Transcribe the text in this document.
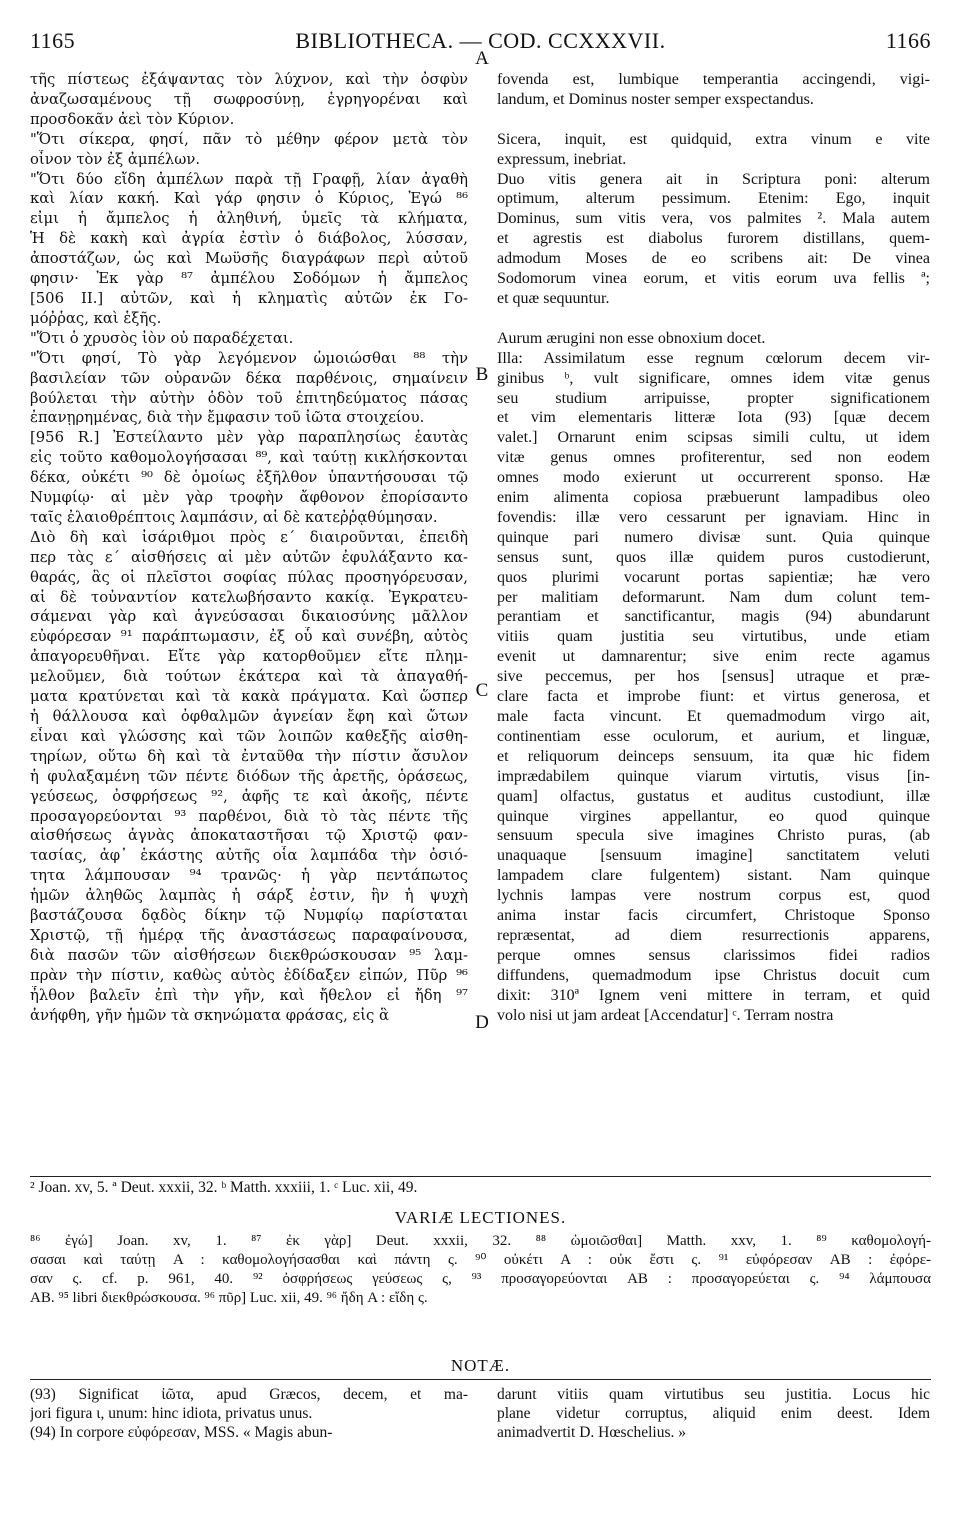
1165	BIBLIOTHECA. — COD. CCXXXVII.	1166
τῆς πίστεως ἐξάψαντας τὸν λύχνον, καὶ τὴν ὀσφὺν
ἀναζωσαμένους τῇ σωφροσύνῃ, ἐγρηγορέναι καὶ
προσδοκᾶν ἀεὶ τὸν Κύριον.
"Ὅτι σίκερα, φησί, πᾶν τὸ μέθην φέρον μετὰ τὸν
οἶνον τὸν ἐξ ἀμπέλων.
"Ὅτι δύο εἴδη ἀμπέλων παρὰ τῇ Γραφῇ, λίαν ἀγαθὴ
καὶ λίαν κακή. Καὶ γάρ φησιν ὁ Κύριος, Ἐγώ ⁸⁶
εἰμι ἡ ἄμπελος ἡ ἀληθινή, ὑμεῖς τὰ κλήματα,
Ἡ δὲ κακὴ καὶ ἀγρία ἐστὶν ὁ διάβολος, λύσσαν,
ἀποστάζων, ὡς καὶ Μωϋσῆς διαγράφων περὶ αὐτοῦ
φησιν· Ἐκ γὰρ ⁸⁷ ἀμπέλου Σοδόμων ἡ ἄμπελος
[506 II.] αὐτῶν, καὶ ἡ κληματὶς αὐτῶν ἐκ Γο-
μόῤῥας, καὶ ἑξῆς.
"Ὅτι ὁ χρυσὸς ἰὸν οὐ παραδέχεται.
"Ὅτι φησί, Τὸ γὰρ λεγόμενον ὡμοιώσθαι ⁸⁸ τὴν
βασιλείαν τῶν οὐρανῶν δέκα παρθένοις, σημαίνειν
βούλεται τὴν αὐτὴν ὁδὸν τοῦ ἐπιτηδεύματος πάσας
ἐπανῃρημένας, διὰ τὴν ἔμφασιν τοῦ ἰῶτα στοιχείου.
[956 R.] Ἐστείλαντο μὲν γὰρ παραπλησίως ἑαυτὰς
εἰς τοῦτο καθομολογήσασαι ⁸⁹, καὶ ταύτῃ κικλήσκονται
δέκα, οὐκέτι ⁹⁰ δὲ ὁμοίως ἐξῆλθον ὑπαντήσουσαι τῷ
Νυμφίῳ· αἱ μὲν γὰρ τροφὴν ἄφθονον ἐπορίσαντο
ταῖς ἐλαιοθρέπτοις λαμπάσιν, αἱ δὲ κατεῤῥᾳθύμησαν.
Διὸ δὴ καὶ ἰσάριθμοι πρὸς ε´ διαιροῦνται, ἐπειδὴ
περ τὰς ε´ αἰσθήσεις αἱ μὲν αὐτῶν ἐφυλάξαντο κα-
θαράς, ἃς οἱ πλεῖστοι σοφίας πύλας προσηγόρευσαν,
αἱ δὲ τοὐναντίον κατελωβήσαντο κακίᾳ. Ἐγκρατευ-
σάμεναι γὰρ καὶ ἁγνεύσασαι δικαιοσύνης μᾶλλον
εὐφόρεσαν ⁹¹ παράπτωμασιν, ἐξ οὗ καὶ συνέβη, αὐτὸς
ἀπαγορευθῆναι. Εἴτε γὰρ κατορθοῦμεν εἴτε πλημ-
μελοῦμεν, διὰ τούτων ἑκάτερα καὶ τὰ ἀπαγαθή-
ματα κρατύνεται καὶ τὰ κακὰ πράγματα. Καὶ ὥσπερ
ἡ θάλλουσα καὶ ὀφθαλμῶν ἁγνείαν ἔφη καὶ ὤτων
εἶναι καὶ γλώσσης καὶ τῶν λοιπῶν καθεξῆς αἰσθη-
τηρίων, οὕτω δὴ καὶ τὰ ἐνταῦθα τὴν πίστιν ἄσυλον
ἡ φυλαξαμένη τῶν πέντε διόδων τῆς ἀρετῆς, ὁράσεως,
γεύσεως, ὀσφρήσεως ⁹², ἁφῆς τε καὶ ἀκοῆς, πέντε
προσαγορεύονται ⁹³ παρθένοι, διὰ τὸ τὰς πέντε τῆς
αἰσθήσεως ἁγνὰς ἀποκαταστῆσαι τῷ Χριστῷ φαν-
τασίας, ἀφ᾽ ἑκάστης αὐτῆς οἷα λαμπάδα τὴν ὁσιό-
τητα λάμπουσαν ⁹⁴ τρανῶς· ἡ γὰρ πεντάπωτος
ἡμῶν ἀληθῶς λαμπὰς ἡ σάρξ ἐστιν, ἣν ἡ ψυχὴ
βαστάζουσα δᾳδὸς δίκην τῷ Νυμφίῳ παρίσταται
Χριστῷ, τῇ ἡμέρᾳ τῆς ἀναστάσεως παραφαίνουσα,
διὰ πασῶν τῶν αἰσθήσεων διεκθρώσκουσαν ⁹⁵ λαμ-
πρὰν τὴν πίστιν, καθὼς αὐτὸς ἐδίδαξεν εἰπών, Πῦρ ⁹⁶
ἦλθον βαλεῖν ἐπὶ τὴν γῆν, καὶ ἤθελον εἰ ἤδη ⁹⁷
ἀνήφθη, γῆν ἡμῶν τὰ σκηνώματα φράσας, εἰς ἃ
fovenda est, lumbique temperantia accingendi, vigi-
landum, et Dominus noster semper exspectandus.

Sicera, inquit, est quidquid, extra vinum e vite
expressum, inebriat.
Duo vitis genera ait in Scriptura poni: alterum
optimum, alterum pessimum. Etenim: Ego, inquit
Dominus, sum vitis vera, vos palmites ². Mala autem
et agrestis est diabolus furorem distillans, quem-
admodum Moses de eo scribens ait: De vinea
Sodomorum vinea eorum, et vitis eorum uva fellis ª;
et quæ sequuntur.

Aurum ærugini non esse obnoxium docet.
Illa: Assimilatum esse regnum cœlorum decem vir-
ginibus ᵇ, vult significare, omnes idem vitæ genus
seu studium arripuisse, propter significationem
et vim elementaris litteræ Iota (93) [quæ decem
valet.] Ornarunt enim scipsas simili cultu, ut idem
vitæ genus omnes profiterentur, sed non eodem
omnes modo exierunt ut occurrerent sponso. Hæ
enim alimenta copiosa præbuerunt lampadibus oleo
fovendis: illæ vero cessarunt per ignaviam. Hinc in
quinque pari numero divisæ sunt. Quia quinque
sensus sunt, quos illæ quidem puros custodierunt,
quos plurimi vocarunt portas sapientiæ; hæ vero
per malitiam deformarunt. Nam dum colunt tem-
perantiam et sanctificantur, magis (94) abundarunt
vitiis quam justitia seu virtutibus, unde etiam
evenit ut damnarentur; sive enim recte agamus
sive peccemus, per hos [sensus] utraque et præ-
clare facta et improbe fiunt: et virtus generosa, et
male facta vincunt. Et quemadmodum virgo ait,
continentiam esse oculorum, et aurium, et linguæ,
et reliquorum deinceps sensuum, ita quæ hic fidem
imprædabilem quinque viarum virtutis, visus [in-
quam] olfactus, gustatus et auditus custodiunt, illæ
quinque virgines appellantur, eo quod quinque
sensuum specula sive imagines Christo puras, (ab
unaquaque [sensuum imagine] sanctitatem veluti
lampadem clare fulgentem) sistant. Nam quinque
lychnis lampas vere nostrum corpus est, quod
anima instar facis circumfert, Christoque Sponso
repræsentat, ad diem resurrectionis apparens,
perque omnes sensus clarissimos fidei radios
diffundens, quemadmodum ipse Christus docuit cum
dixit: 310ª Ignem veni mittere in terram, et quid
volo nisi ut jam ardeat [Accendatur] ᶜ. Terram nostra
A
B
C
D
² Joan. xv, 5. ª Deut. xxxii, 32. ᵇ Matth. xxxiii, 1. ᶜ Luc. xii, 49.
VARIÆ LECTIONES.
⁸⁶ ἐγώ] Joan. xv, 1. ⁸⁷ ἐκ γὰρ] Deut. xxxii, 32. ⁸⁸ ὡμοιῶσθαι] Matth. xxv, 1. ⁸⁹ καθομολογή-
σασαι καὶ ταύτῃ A : καθομολογήσασθαι καὶ πάντη ς. ⁹⁰ οὐκέτι A : οὐκ ἔστι ς. ⁹¹ εὐφόρεσαν AB : ἐφόρε-
σαν ς. cf. p. 961, 40. ⁹² ὀσφρήσεως γεύσεως ς, ⁹³ προσαγορεύονται AB : προσαγορεύεται ς. ⁹⁴ λάμπουσα
AB. ⁹⁵ libri διεκθρώσκουσα. ⁹⁶ πῦρ] Luc. xii, 49. ⁹⁶ ἤδη A : εἴδη ς.
NOTÆ.
(93) Significat ἰῶτα, apud Græcos, decem, et ma-
jori figura ι, unum: hinc idiota, privatus unus.
(94) In corpore εὐφόρεσαν, MSS. « Magis abun-
darunt vitiis quam virtutibus seu justitia. Locus hic
plane videtur corruptus, aliquid enim deest. Idem
animadvertit D. Hœschelius. »
